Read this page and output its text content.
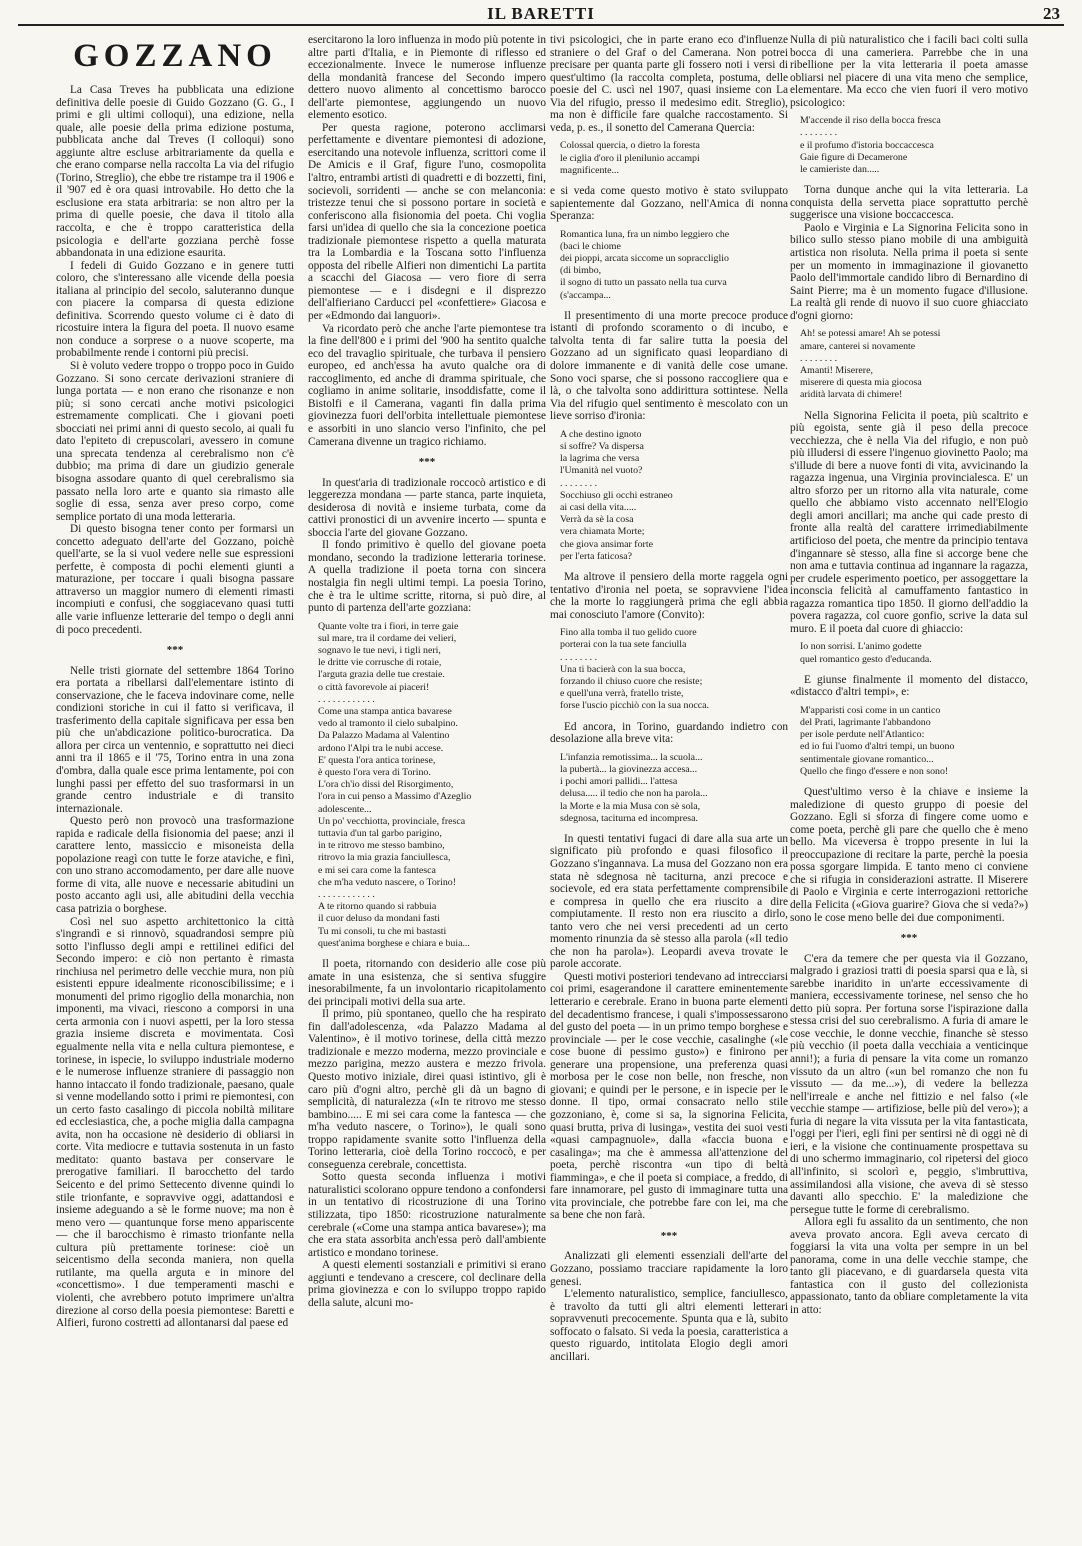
IL BARETTI	23
GOZZANO

La Casa Treves ha pubblicata una edizione definitiva delle poesie di Guido Gozzano (G. G., I primi e gli ultimi colloqui), una edizione, nella quale, alle poesie della prima edizione postuma, pubblicata anche dal Treves (I colloqui) sono aggiunte altre escluse arbitrariamente da quella e che erano comparse nella raccolta La via del rifugio (Torino, Streglio), che ebbe tre ristampe tra il 1906 e il '907 ed è ora quasi introvabile. Ho detto che la esclusione era stata arbitraria: se non altro per la prima di quelle poesie, che dava il titolo alla raccolta, e che è troppo caratteristica della psicologia e dell'arte gozziana perchè fosse abbandonata in una edizione esaurita.

I fedeli di Guido Gozzano e in genere tutti coloro, che s'interessano alle vicende della poesia italiana al principio del secolo, saluteranno dunque con piacere la comparsa di questa edizione definitiva. Scorrendo questo volume ci è dato di ricostuire intera la figura del poeta. Il nuovo esame non conduce a sorprese o a nuove scoperte, ma probabilmente rende i contorni più precisi.

Si è voluto vedere troppo o troppo poco in Guido Gozzano. Si sono cercate derivazioni straniere di lunga portata — e non erano che risonanze e non più; si sono cercati anche motivi psicologici estremamente complicati. Che i giovani poeti sbocciati nei primi anni di questo secolo, ai quali fu dato l'epiteto di crepuscolari, avessero in comune una sprecata tendenza al cerebralismo non c'è dubbio; ma prima di dare un giudizio generale bisogna assodare quanto di quel cerebralismo sia passato nella loro arte e quanto sia rimasto alle soglie di essa, senza aver preso corpo, come semplice portato di una moda letteraria.

Di questo bisogna tener conto per formarsi un concetto adeguato dell'arte del Gozzano, poichè quell'arte, se la si vuol vedere nelle sue espressioni perfette, è composta di pochi elementi giunti a maturazione, per toccare i quali bisogna passare attraverso un maggior numero di elementi rimasti incompiuti e confusi, che soggiacevano quasi tutti alle varie influenze letterarie del tempo o degli anni di poco precedenti.

***

Nelle tristi giornate del settembre 1864 Torino era portata a ribellarsi dall'elementare istinto di conservazione, che le faceva indovinare come, nelle condizioni storiche in cui il fatto si verificava, il trasferimento della capitale significava per essa ben più che un'abdicazione politico-burocratica. Da allora per circa un ventennio, e soprattutto nei dieci anni tra il 1865 e il '75, Torino entra in una zona d'ombra, dalla quale esce prima lentamente, poi con lunghi passi per effetto del suo trasformarsi in un grande centro industriale e di transito internazionale.

Questo però non provocò una trasformazione rapida e radicale della fisionomia del paese; anzi il carattere lento, massiccio e misoneista della popolazione reagì con tutte le forze ataviche, e finì, con uno strano accomodamento, per dare alle nuove forme di vita, alle nuove e necessarie abitudini un posto accanto agli usi, alle abitudini della vecchia casa patrizia o borghese.

Così nel suo aspetto architettonico la città s'ingrandì e si rinnovò, squadrandosi sempre più sotto l'influsso degli ampi e rettilinei edifici del Secondo impero: e ciò non pertanto è rimasta rinchiusa nel perimetro delle vecchie mura, non più esistenti eppure idealmente riconoscibilissime; e i monumenti del primo rigoglio della monarchia, non imponenti, ma vivaci, riescono a comporsi in una certa armonia con i nuovi aspetti, per la loro stessa grazia insieme discreta e movimentata. Così egualmente nella vita e nella cultura piemontese, e torinese, in ispecie, lo sviluppo industriale moderno e le numerose influenze straniere di passaggio non hanno intaccato il fondo tradizionale, paesano, quale si venne modellando sotto i primi re piemontesi, con un certo fasto casalingo di piccola nobiltà militare ed ecclesiastica, che, a poche miglia dalla campagna avita, non ha occasione nè desiderio di obliarsi in corte. Vita mediocre e tuttavia sostenuta in un fasto meditato: quanto bastava per conservare le prerogative familiari. Il barocchetto del tardo Seicento e del primo Settecento divenne quindi lo stile trionfante, e sopravvive oggi, adattandosi e insieme adeguando a sè le forme nuove; ma non è meno vero — quantunque forse meno appariscente — che il barocchismo è rimasto trionfante nella cultura più prettamente torinese: cioè un seicentismo della seconda maniera, non quella rutilante, ma quella arguta e in minore del «concettismo». I due temperamenti maschi e violenti, che avrebbero potuto imprimere un'altra direzione al corso della poesia piemontese: Baretti e Alfieri, furono costretti ad allontanarsi dal paese ed

esercitarono la loro influenza in modo più potente in altre parti d'Italia, e in Piemonte di riflesso ed eccezionalmente. Invece le numerose influenze della mondanità francese del Secondo impero dettero nuovo alimento al concettismo barocco dell'arte piemontese, aggiungendo un nuovo elemento esotico.

Per questa ragione, poterono acclimarsi perfettamente e diventare piemontesi di adozione, esercitando una notevole influenza, scrittori come il De Amicis e il Graf, figure l'uno, cosmopolita l'altro, entrambi artisti di quadretti e di bozzetti, fini, socievoli, sorridenti — anche se con melanconia: tristezze tenui che si possono portare in società e conferiscono alla fisionomia del poeta. Chi voglia farsi un'idea di quello che sia la concezione poetica tradizionale piemontese rispetto a quella maturata tra la Lombardia e la Toscana sotto l'influenza opposta del ribelle Alfieri non dimentichi La partita a scacchi del Giacosa — vero fiore di serra piemontese — e i disdegni e il disprezzo dell'alfieriano Carducci pel «confettiere» Giacosa e per «Edmondo dai languori».

Va ricordato però che anche l'arte piemontese tra la fine dell'800 e i primi del '900 ha sentito qualche eco del travaglio spirituale, che turbava il pensiero europeo, ed anch'essa ha avuto qualche ora di raccoglimento, ed anche di dramma spirituale, che cogliamo in anime solitarie, insoddisfatte, come il Bistolfi e il Camerana, vaganti fin dalla prima giovinezza fuori dell'orbita intellettuale piemontese e assorbiti in uno slancio verso l'infinito, che pel Camerana divenne un tragico richiamo.

***

In quest'aria di tradizionale roccocò artistico e di leggerezza mondana — parte stanca, parte inquieta, desiderosa di novità e insieme turbata, come da cattivi pronostici di un avvenire incerto — spunta e sboccia l'arte del giovane Gozzano.

Il fondo primitivo è quello del giovane poeta mondano, secondo la tradizione letteraria torinese. A quella tradizione il poeta torna con sincera nostalgia fin negli ultimi tempi. La poesia Torino, che è tra le ultime scritte, ritorna, si può dire, al punto di partenza dell'arte gozziana:

Quante volte tra i fiori, in terre gaie
sul mare, tra il cordame dei velieri,
sognavo le tue nevi, i tigli neri,
le dritte vie corrusche di rotaie,
l'arguta grazia delle tue crestaie.
o città favorevole ai piaceri!
. . . . . . . . . . . .
Come una stampa antica bavarese
vedo al tramonto il cielo subalpino.
Da Palazzo Madama al Valentino
ardono l'Alpi tra le nubi accese.
E' questa l'ora antica torinese,
è questo l'ora vera di Torino.
L'ora ch'io dissi del Risorgimento,
l'ora in cui penso a Massimo d'Azeglio
adolescente...
Un po' vecchiotta, provinciale, fresca
tuttavia d'un tal garbo parigino,
in te ritrovo me stesso bambino,
ritrovo la mia grazia fanciullesca,
e mi sei cara come la fantesca
che m'ha veduto nascere, o Torino!
. . . . . . . . . . . .
A te ritorno quando si rabbuia
il cuor deluso da mondani fasti
Tu mi consoli, tu che mi bastasti
quest'anima borghese e chiara e buia...

Il poeta, ritornando con desiderio alle cose più amate in una esistenza, che si sentiva sfuggire inesorabilmente, fa un involontario ricapitolamento dei principali motivi della sua arte.

Il primo, più spontaneo, quello che ha respirato fin dall'adolescenza, «da Palazzo Madama al Valentino», è il motivo torinese, della città mezzo tradizionale e mezzo moderna, mezzo provinciale e mezzo parigina, mezzo austera e mezzo frivola. Questo motivo iniziale, direi quasi istintivo, gli è caro più d'ogni altro, perchè gli dà un bagno di semplicità, di naturalezza («In te ritrovo me stesso bambino..... E mi sei cara come la fantesca — che m'ha veduto nascere, o Torino»), le quali sono troppo rapidamente svanite sotto l'influenza della Torino letteraria, cioè della Torino roccocò, e per conseguenza cerebrale, concettista.

Sotto questa seconda influenza i motivi naturalistici scolorano oppure tendono a confondersi in un tentativo di ricostruzione di una Torino stilizzata, tipo 1850: ricostruzione naturalmente cerebrale («Come una stampa antica bavarese»); ma che era stata assorbita anch'essa però dall'ambiente artistico e mondano torinese.

A questi elementi sostanziali e primitivi si erano aggiunti e tendevano a crescere, col declinare della prima giovinezza e con lo sviluppo troppo rapido della salute, alcuni mo-

tivi psicologici, che in parte erano eco d'influenze straniere o del Graf o del Camerana. Non potrei precisare per quanta parte gli fossero noti i versi di quest'ultimo (la raccolta completa, postuma, delle poesie del C. uscì nel 1907, quasi insieme con La Via del rifugio, presso il medesimo edit. Streglio), ma non è difficile fare qualche raccostamento. Si veda, p. es., il sonetto del Camerana Quercia:

Colossal quercia, o dietro la foresta
le ciglia d'oro il plenilunio accampi
magnificente...

e si veda come questo motivo è stato sviluppato sapientemente dal Gozzano, nell'Amica di nonna Speranza:

Romantica luna, fra un nimbo leggiero che
(baci le chiome
dei pioppi, arcata siccome un sopraccliglio
(di bimbo,
il sogno di tutto un passato nella tua curva
(s'accampa...

Il presentimento di una morte precoce produce istanti di profondo scoramento o di incubo, e talvolta tenta di far salire tutta la poesia del Gozzano ad un significato quasi leopardiano di dolore immanente e di vanità delle cose umane. Sono voci sparse, che si possono raccogliere qua e là, o che talvolta sono addirittura sottintese. Nella Via del rifugio quel sentimento è mescolato con un lieve sorriso d'ironia:

A che destino ignoto
si soffre? Va dispersa
la lagrima che versa
l'Umanità nel vuoto?
. . . . . . . .
Socchiuso gli occhi estraneo
ai casi della vita.....
Verrà da sè la cosa
vera chiamata Morte;
che giova ansimar forte
per l'erta faticosa?

Ma altrove il pensiero della morte raggela ogni tentativo d'ironia nel poeta, se sopravviene l'idea che la morte lo raggiungerà prima che egli abbia mai conosciuto l'amore (Convito):

Fino alla tomba il tuo gelido cuore
porterai con la tua sete fanciulla
. . . . . . . .
Una ti bacierà con la sua bocca,
forzando il chiuso cuore che resiste;
e quell'una verrà, fratello triste,
forse l'uscio picchiò con la sua nocca.

Ed ancora, in Torino, guardando indietro con desolazione alla breve vita:

L'infanzia remotissima... la scuola...
la pubertà... la giovinezza accesa...
i pochi amori pallidi... l'attesa
delusa..... il tedio che non ha parola...
la Morte e la mia Musa con sè sola,
sdegnosa, taciturna ed incompresa.

In questi tentativi fugaci di dare alla sua arte un significato più profondo e quasi filosofico il Gozzano s'ingannava. La musa del Gozzano non era stata nè sdegnosa nè taciturna, anzi precoce e socievole, ed era stata perfettamente comprensibile e compresa in quello che era riuscito a dire compiutamente. Il resto non era riuscito a dirlo, tanto vero che nei versi precedenti ad un certo momento rinunzia da sè stesso alla parola («Il tedio che non ha parola»). Leopardi aveva trovate le parole accorate.

Questi motivi posteriori tendevano ad intrecciarsi coi primi, esagerandone il carattere eminentemente letterario e cerebrale. Erano in buona parte elementi del decadentismo francese, i quali s'impossessarono del gusto del poeta — in un primo tempo borghese e provinciale — per le cose vecchie, casalinghe («le cose buone di pessimo gusto») e finirono per generare una propensione, una preferenza quasi morbosa per le cose non belle, non fresche, non giovani; e quindi per le persone, e in ispecie per le donne. Il tipo, ormai consacrato nello stile gozzoniano, è, come si sa, la signorina Felicita, quasi brutta, priva di lusinga», vestita dei suoi vesti «quasi campagnuole», dalla «faccia buona e casalinga»; ma che è ammessa all'attenzione del poeta, perchè riscontra «un tipo di beltà fiamminga», e che il poeta si compiace, a freddo, di fare innamorare, pel gusto di immaginare tutta una vita provinciale, che potrebbe fare con lei, ma che sa bene che non farà.

***

Analizzati gli elementi essenziali dell'arte del Gozzano, possiamo tracciare rapidamente la loro genesi.

L'elemento naturalistico, semplice, fanciullesco, è travolto da tutti gli altri elementi letterari sopravvenuti precocemente. Spunta qua e là, subito soffocato o falsato. Si veda la poesia, caratteristica a questo riguardo, intitolata Elogio degli amori ancillari.

Nulla di più naturalistico che i facili baci colti sulla bocca di una cameriera. Parrebbe che in una ribellione per la vita letteraria il poeta amasse obliarsi nel piacere di una vita meno che semplice, elementare. Ma ecco che vien fuori il vero motivo psicologico:

M'accende il riso della bocca fresca
. . . . . . . .
e il profumo d'istoria boccaccesca
Gaie figure di Decamerone
le camieriste dan.....

Torna dunque anche qui la vita letteraria. La conquista della servetta piace soprattutto perchè suggerisce una visione boccaccesca.

Paolo e Virginia e La Signorina Felicita sono in bilico sullo stesso piano mobile di una ambiguità artistica non risoluta. Nella prima il poeta si sente per un momento in immaginazione il giovanetto Paolo dell'immortale candido libro di Bernardino di Saint Pierre; ma è un momento fugace d'illusione. La realtà gli rende di nuovo il suo cuore ghiacciato d'ogni giorno:

Ah! se potessi amare! Ah se potessi
amare, canterei si novamente
. . . . . . . .
Amanti! Miserere,
miserere di questa mia giocosa
aridità larvata di chimere!

Nella Signorina Felicita il poeta, più scaltrito e più egoista, sente già il peso della precoce vecchiezza, che è nella Via del rifugio, e non può più illudersi di essere l'ingenuo giovinetto Paolo; ma s'illude di bere a nuove fonti di vita, avvicinando la ragazza ingenua, una Virginia provincialesca. E' un altro sforzo per un ritorno alla vita naturale, come quello che abbiamo visto accennato nell'Elogio degli amori ancillari; ma anche qui cade presto di fronte alla realtà del carattere irrimediabilmente artificioso del poeta, che mentre da principio tentava d'ingannare sè stesso, alla fine si accorge bene che non ama e tuttavia continua ad ingannare la ragazza, per crudele esperimento poetico, per assoggettare la inconscia felicità al camuffamento fantastico in ragazza romantica tipo 1850. Il giorno dell'addio la povera ragazza, col cuore gonfio, scrive la data sul muro. E il poeta dal cuore di ghiaccio:

Io non sorrisi. L'animo godette
quel romantico gesto d'educanda.

E giunse finalmente il momento del distacco, «distacco d'altri tempi», e:

M'apparisti così come in un cantico
del Prati, lagrimante l'abbandono
per isole perdute nell'Atlantico:
ed io fui l'uomo d'altri tempi, un buono
sentimentale giovane romantico...
Quello che fingo d'essere e non sono!

Quest'ultimo verso è la chiave e insieme la maledizione di questo gruppo di poesie del Gozzano. Egli si sforza di fingere come uomo e come poeta, perchè gli pare che quello che è meno bello. Ma viceversa è troppo presente in lui la preoccupazione di recitare la parte, perchè la poesia possa sgorgare limpida. E tanto meno ci conviene che si rifugia in considerazioni astratte. Il Miserere di Paolo e Virginia e certe interrogazioni rettoriche della Felicita («Giova guarire? Giova che si veda?») sono le cose meno belle dei due componimenti.

***

C'era da temere che per questa via il Gozzano, malgrado i graziosi tratti di poesia sparsi qua e là, si sarebbe inaridito in un'arte eccessivamente di maniera, eccessivamente torinese, nel senso che ho detto più sopra. Per fortuna sorse l'ispirazione dalla stessa crisi del suo cerebralismo. A furia di amare le cose vecchie, le donne vecchie, finanche sè stesso più vecchio (il poeta dalla vecchiaia a venticinque anni!); a furia di pensare la vita come un romanzo vissuto da un altro («un bel romanzo che non fu vissuto — da me...»), di vedere la bellezza nell'irreale e anche nel fittizio e nel falso («le vecchie stampe — artifiziose, belle più del vero»); a furia di negare la vita vissuta per la vita fantasticata, l'oggi per l'ieri, egli fini per sentirsi nè di oggi nè di ieri, e la visione che continuamente prospettava su di uno schermo immaginario, col ripetersi del gioco all'infinito, si scolorì e, peggio, s'imbruttiva, assimilandosi alla visione, che aveva di sè stesso davanti allo specchio. E' la maledizione che persegue tutte le forme di cerebralismo.

Allora egli fu assalito da un sentimento, che non aveva provato ancora. Egli aveva cercato di foggiarsi la vita una volta per sempre in un bel panorama, come in una delle vecchie stampe, che tanto gli piacevano, e di guardarsela questa vita fantastica con il gusto del collezionista appassionato, tanto da obliare completamente la vita in atto:
